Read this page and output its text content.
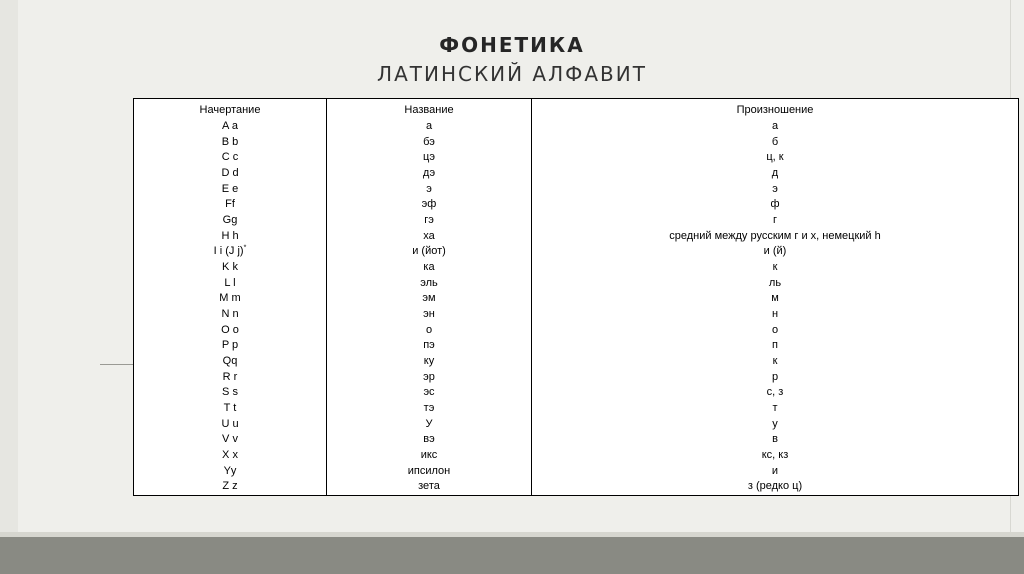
ФОНЕТИКА
ЛАТИНСКИЙ АЛФАВИТ
Начертание	Название	Произношение
A a	а	а
B b	бэ	б
C c	цэ	ц, к
D d	дэ	д
E e	э	э
Ff	эф	ф
Gg	гэ	г
H h	ха	средний между русским г и х, немецкий h
I i (J j)*	и (йот)	и (й)
K k	ка	к
L l	эль	ль
M m	эм	м
N n	эн	н
O o	о	о
P p	пэ	п
Qq	ку	к
R r	эр	р
S s	эс	с, з
T t	тэ	т
U u	У	у
V v	вэ	в
X x	икс	кс, кз
Yy	ипсилон	и
Z z	зета	з (редко ц)
